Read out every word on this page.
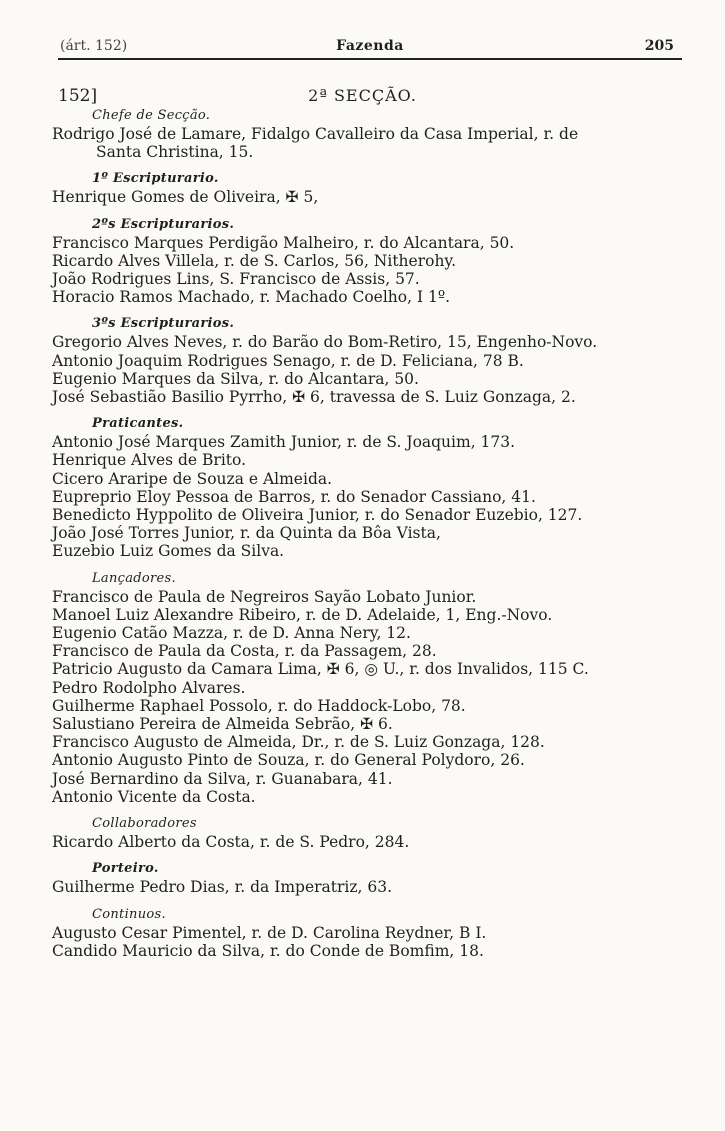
(árt. 152)	Fazenda	205
152]	2ª SECÇÃO.
Chefe de Secção.
Rodrigo José de Lamare, Fidalgo Cavalleiro da Casa Imperial, r. de
Santa Christina, 15.
1º Escripturario.
Henrique Gomes de Oliveira, ✠ 5,
2ºs Escripturarios.
Francisco Marques Perdigão Malheiro, r. do Alcantara, 50.
Ricardo Alves Villela, r. de S. Carlos, 56, Nitherohy.
João Rodrigues Lins, S. Francisco de Assis, 57.
Horacio Ramos Machado, r. Machado Coelho, I 1º.
3ºs Escripturarios.
Gregorio Alves Neves, r. do Barão do Bom-Retiro, 15, Engenho-Novo.
Antonio Joaquim Rodrigues Senago, r. de D. Feliciana, 78 B.
Eugenio Marques da Silva, r. do Alcantara, 50.
José Sebastião Basilio Pyrrho, ✠ 6, travessa de S. Luiz Gonzaga, 2.
Praticantes.
Antonio José Marques Zamith Junior, r. de S. Joaquim, 173.
Henrique Alves de Brito.
Cicero Araripe de Souza e Almeida.
Eupreprio Eloy Pessoa de Barros, r. do Senador Cassiano, 41.
Benedicto Hyppolito de Oliveira Junior, r. do Senador Euzebio, 127.
João José Torres Junior, r. da Quinta da Bôa Vista,
Euzebio Luiz Gomes da Silva.
Lançadores.
Francisco de Paula de Negreiros Sayão Lobato Junior.
Manoel Luiz Alexandre Ribeiro, r. de D. Adelaide, 1, Eng.-Novo.
Eugenio Catão Mazza, r. de D. Anna Nery, 12.
Francisco de Paula da Costa, r. da Passagem, 28.
Patricio Augusto da Camara Lima, ✠ 6, ◎ U., r. dos Invalidos, 115 C.
Pedro Rodolpho Alvares.
Guilherme Raphael Possolo, r. do Haddock-Lobo, 78.
Salustiano Pereira de Almeida Sebrão, ✠ 6.
Francisco Augusto de Almeida, Dr., r. de S. Luiz Gonzaga, 128.
Antonio Augusto Pinto de Souza, r. do General Polydoro, 26.
José Bernardino da Silva, r. Guanabara, 41.
Antonio Vicente da Costa.
Collaboradores
Ricardo Alberto da Costa, r. de S. Pedro, 284.
Porteiro.
Guilherme Pedro Dias, r. da Imperatriz, 63.
Continuos.
Augusto Cesar Pimentel, r. de D. Carolina Reydner, B I.
Candido Mauricio da Silva, r. do Conde de Bomfim, 18.
